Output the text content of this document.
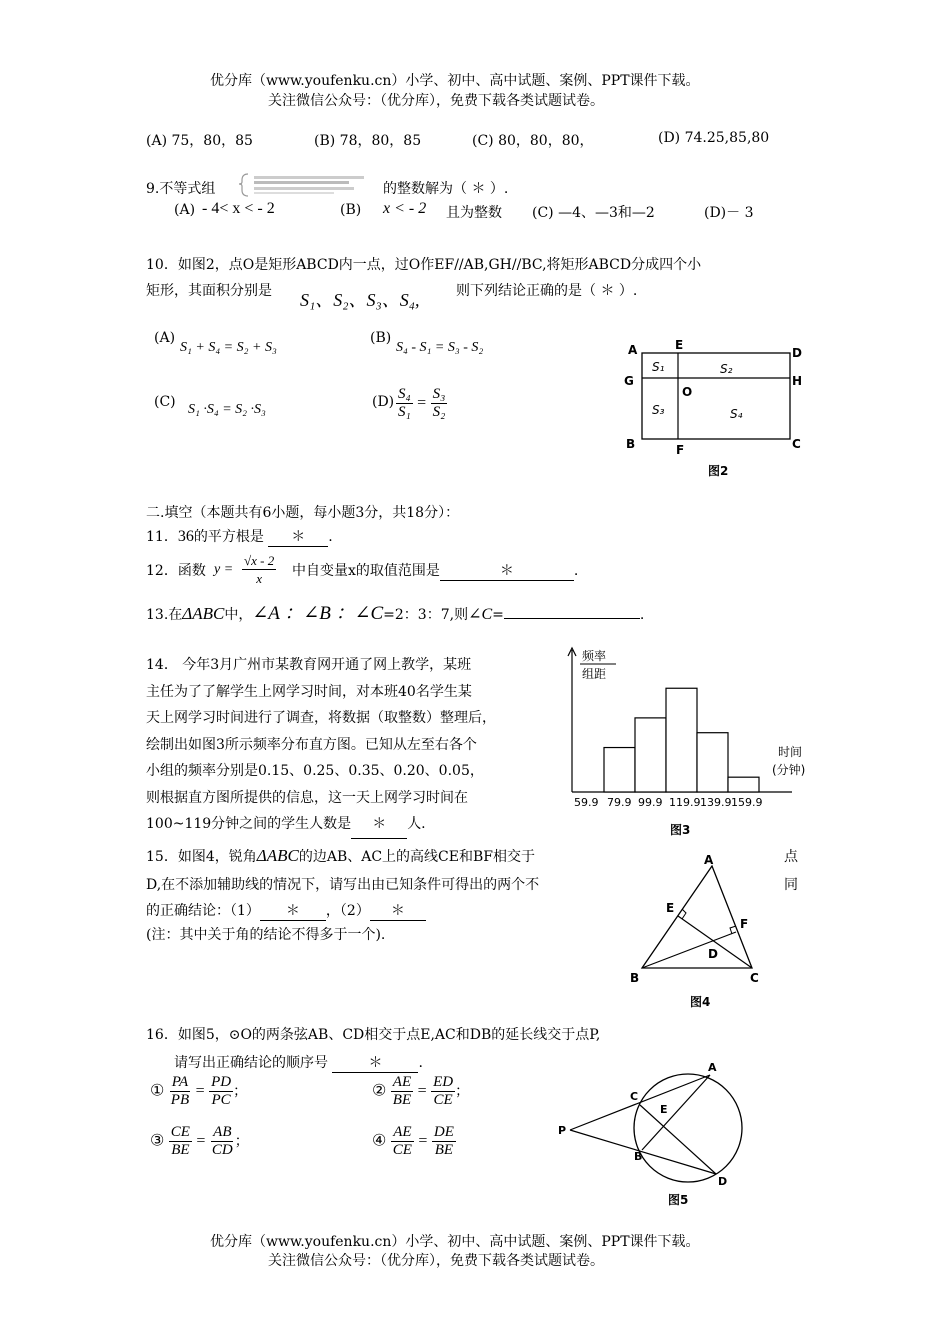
优分库（www.youfenku.cn）小学、初中、高中试题、案例、PPT课件下载。
关注微信公众号：（优分库），免费下载各类试题试卷。
(A) 75，80，85	(B) 78，80，85	(C) 80，80，80，	(D) 74.25,85,80
9.不等式组	的整数解为（ ＊ ）.
(A) - 4< x < - 2	(B) x < - 2 且为整数 (C) —4、—3和—2	(D)－ 3
10．如图2，点O是矩形ABCD内一点，过O作EF//AB,GH//BC,将矩形ABCD分成四个小
矩形，其面积分别是 S₁、S₂、S₃、S₄,	则下列结论正确的是（ ＊ ）.
(A)
S₁ + S₄ = S₂ + S₃
(B)
S₄ - S₁ = S₃ - S₂
(C) S₁ ·S₄ = S₂ ·S₃	$(D) \frac{\text{S₄}}{\text{S₁}} = \frac{\text{S₃}}{\text{S₂}}$
A	E
D
G
O
H
B	F	C
S₁	S₂
S₃	S₄
图2
二.填空（本题共有6小题，每小题3分，共18分）：
11．36的平方根是 ＊ .
12．函数 $y = \frac{√x - 2}{x}$ 中自变量x的取值范围是	＊	.
13.在ΔABC中，∠A ：∠B ：∠C=2：3：7,则∠C=	.
14． 今年3月广州市某教育网开通了网上教学，某班
主任为了了解学生上网学习时间，对本班40名学生某
天上网学习时间进行了调查，将数据（取整数）整理后，
绘制出如图3所示频率分布直方图。已知从左至右各个
小组的频率分别是0.15、0.25、0.35、0.20、0.05，
则根据直方图所提供的信息，这一天上网学习时间在
100~119分钟之间的学生人数是 ＊ 人.
频率
组距
时间
(分钟)
59.9 79.9 99.9 119.9 139.9 159.9
图3
15．如图4，锐角ΔABC的边AB、AC上的高线CE和BF相交于	点
D,在不添加辅助线的情况下，请写出由已知条件可得出的两个不	同
的正确结论：（1） ＊ ，（2） ＊
(注：其中关于角的结论不得多于一个).
A
E
F
D
B	C
图4
16．如图5，⊙O的两条弦AB、CD相交于点E,AC和DB的延长线交于点P,
请写出正确结论的顺序号	＊	.
① $\frac{PA}{PB} = \frac{PD}{PC}$ ；	② $\frac{AE}{BE} = \frac{ED}{CE}$ ；
③ $\frac{CE}{BE} = \frac{AB}{CD}$ ；	④ $\frac{AE}{CE} = \frac{DE}{BE}$
A
C
E
P
B
D
图5
优分库（www.youfenku.cn）小学、初中、高中试题、案例、PPT课件下载。
关注微信公众号：（优分库），免费下载各类试题试卷。
